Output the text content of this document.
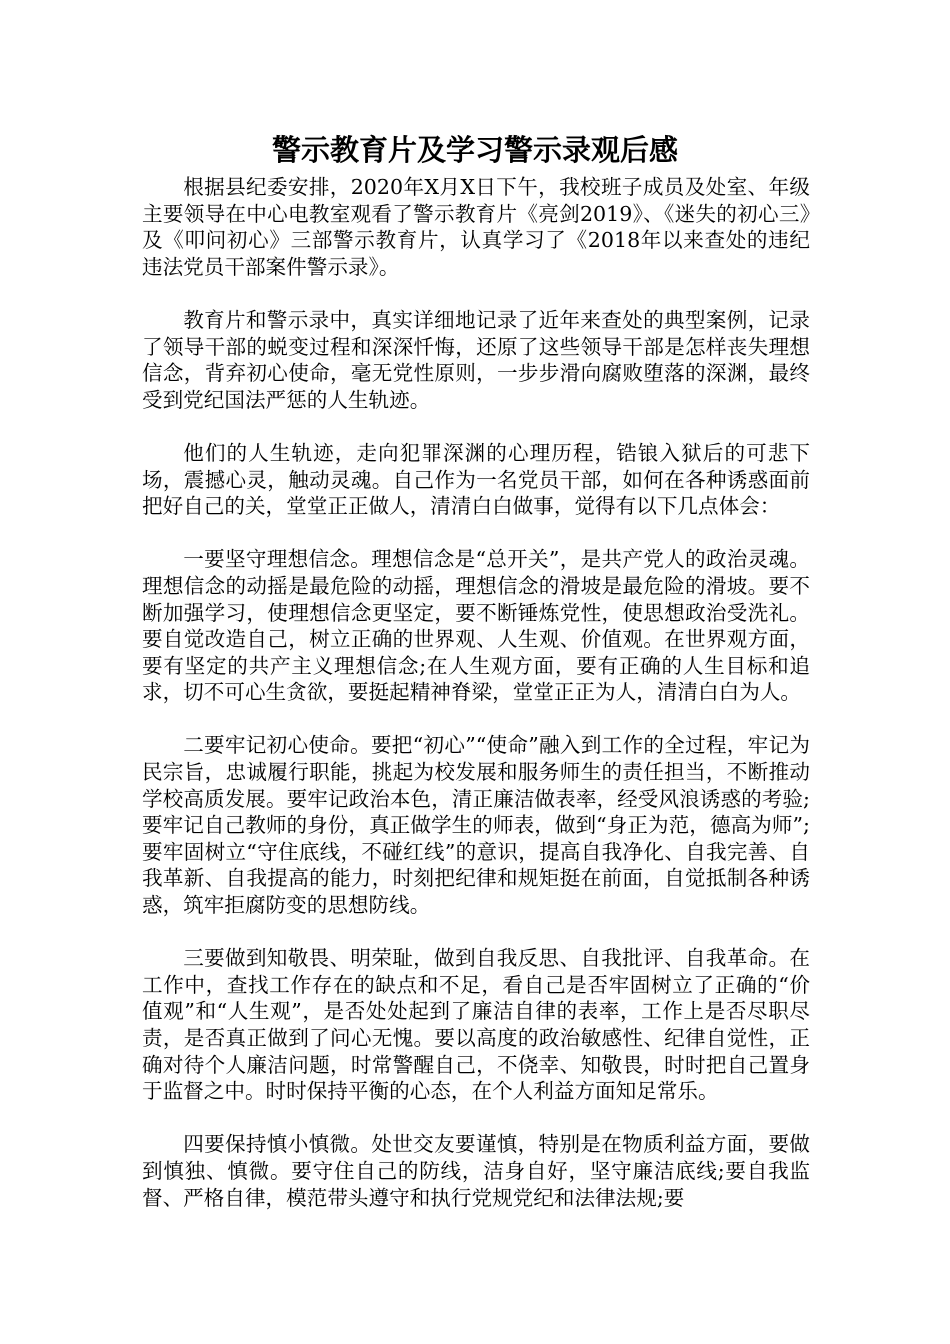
警示教育片及学习警示录观后感

根据县纪委安排，2020年X月X日下午，我校班子成员及处室、年级主要领导在中心电教室观看了警示教育片《亮剑2019》、《迷失的初心三》及《叩问初心》三部警示教育片，认真学习了《2018年以来查处的违纪违法党员干部案件警示录》。

教育片和警示录中，真实详细地记录了近年来查处的典型案例，记录了领导干部的蜕变过程和深深忏悔，还原了这些领导干部是怎样丧失理想信念，背弃初心使命，毫无党性原则，一步步滑向腐败堕落的深渊，最终受到党纪国法严惩的人生轨迹。

他们的人生轨迹，走向犯罪深渊的心理历程，锆锒入狱后的可悲下场，震撼心灵，触动灵魂。自己作为一名党员干部，如何在各种诱惑面前把好自己的关，堂堂正正做人，清清白白做事，觉得有以下几点体会：

一要坚守理想信念。理想信念是“总开关”，是共产党人的政治灵魂。理想信念的动摇是最危险的动摇，理想信念的滑坡是最危险的滑坡。要不断加强学习，使理想信念更坚定，要不断锤炼党性，使思想政治受洗礼。要自觉改造自己，树立正确的世界观、人生观、价值观。在世界观方面，要有坚定的共产主义理想信念;在人生观方面，要有正确的人生目标和追求，切不可心生贪欲，要挺起精神脊梁，堂堂正正为人，清清白白为人。

二要牢记初心使命。要把“初心”“使命”融入到工作的全过程，牢记为民宗旨，忠诚履行职能，挑起为校发展和服务师生的责任担当，不断推动学校高质发展。要牢记政治本色，清正廉洁做表率，经受风浪诱惑的考验;要牢记自己教师的身份，真正做学生的师表，做到“身正为范，德高为师”;要牢固树立“守住底线，不碰红线”的意识，提高自我净化、自我完善、自我革新、自我提高的能力，时刻把纪律和规矩挺在前面，自觉抵制各种诱惑，筑牢拒腐防变的思想防线。

三要做到知敬畏、明荣耻，做到自我反思、自我批评、自我革命。在工作中，查找工作存在的缺点和不足，看自己是否牢固树立了正确的“价值观”和“人生观”，是否处处起到了廉洁自律的表率，工作上是否尽职尽责，是否真正做到了问心无愧。要以高度的政治敏感性、纪律自觉性，正确对待个人廉洁问题，时常警醒自己，不侥幸、知敬畏，时时把自己置身于监督之中。时时保持平衡的心态，在个人利益方面知足常乐。

四要保持慎小慎微。处世交友要谨慎，特别是在物质利益方面，要做到慎独、慎微。要守住自己的防线，洁身自好，坚守廉洁底线;要自我监督、严格自律，模范带头遵守和执行党规党纪和法律法规;要
